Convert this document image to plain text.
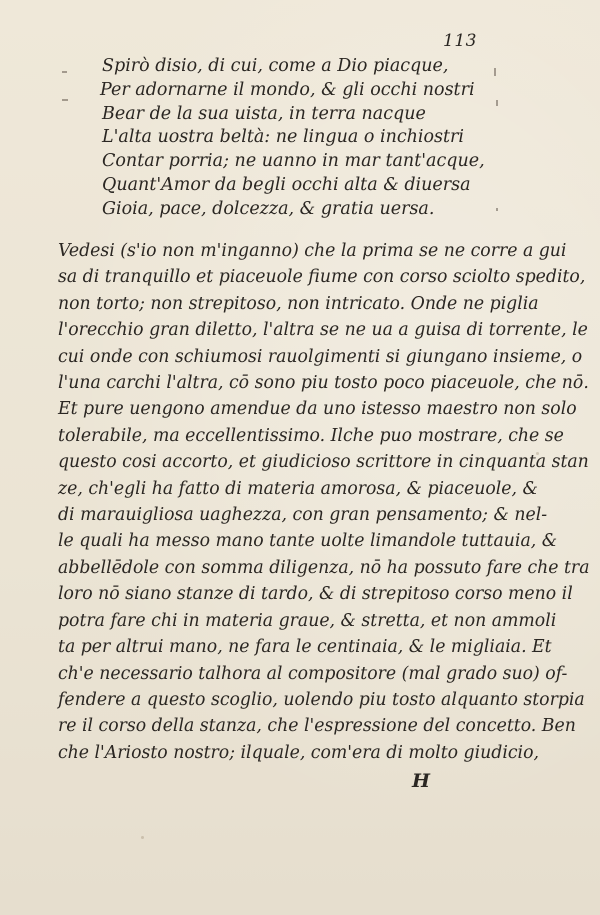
113
Spirò disio, di cui, come a Dio piacque,
Per adornarne il mondo, & gli occhi nostri
Bear de la sua uista, in terra nacque
L'alta uostra beltà: ne lingua o inchiostri
Contar porria; ne uanno in mar tant'acque,
Quant'Amor da begli occhi alta & diuersa
Gioia, pace, dolcezza, & gratia uersa.
Vedesi (s'io non m'inganno) che la prima se ne corre a gui
sa di tranquillo et piaceuole fiume con corso sciolto spedito,
non torto; non strepitoso, non intricato. Onde ne piglia
l'orecchio gran diletto, l'altra se ne ua a guisa di torrente, le
cui onde con schiumosi rauolgimenti si giungano insieme, o
l'una carchi l'altra, cō sono piu tosto poco piaceuole, che nō.
Et pure uengono amendue da uno istesso maestro non solo
tolerabile, ma eccellentissimo. Ilche puo mostrare, che se
questo cosi accorto, et giudicioso scrittore in cinquanta stan
ze, ch'egli ha fatto di materia amorosa, & piaceuole, &
di marauigliosa uaghezza, con gran pensamento; & nel-
le quali ha messo mano tante uolte limandole tuttauia, &
abbellēdole con somma diligenza, nō ha possuto fare che tra
loro nō siano stanze di tardo, & di strepitoso corso meno il
potra fare chi in materia graue, & stretta, et non ammoli
ta per altrui mano, ne fara le centinaia, & le migliaia. Et
ch'e necessario talhora al compositore (mal grado suo) of-
fendere a questo scoglio, uolendo piu tosto alquanto storpia
re il corso della stanza, che l'espressione del concetto. Ben
che l'Ariosto nostro; ilquale, com'era di molto giudicio,
H
